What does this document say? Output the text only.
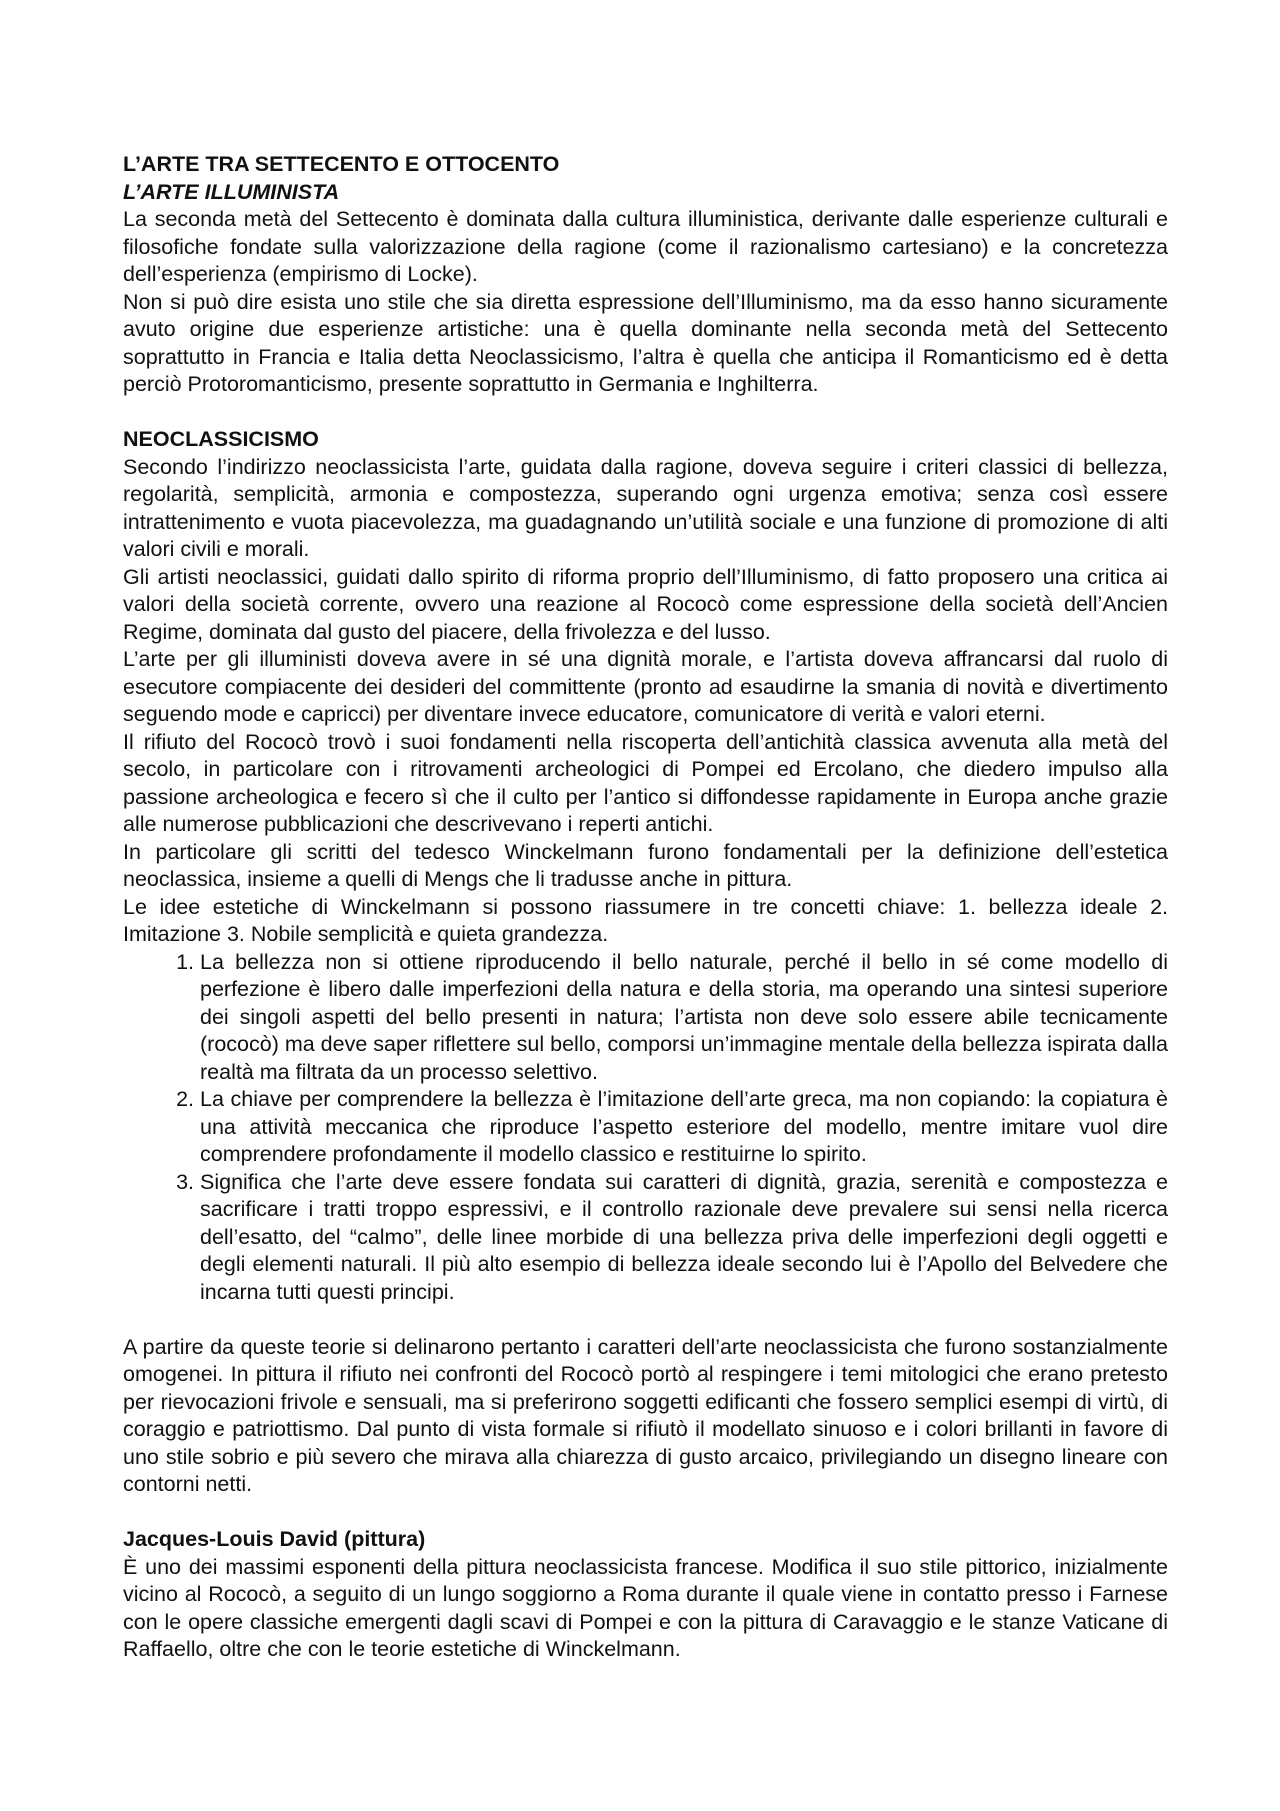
L’ARTE TRA SETTECENTO E OTTOCENTO

L’ARTE ILLUMINISTA

La seconda metà del Settecento è dominata dalla cultura illuministica, derivante dalle esperienze culturali e filosofiche fondate sulla valorizzazione della ragione (come il razionalismo cartesiano) e la concretezza dell’esperienza (empirismo di Locke).

Non si può dire esista uno stile che sia diretta espressione dell’Illuminismo, ma da esso hanno sicuramente avuto origine due esperienze artistiche: una è quella dominante nella seconda metà del Settecento soprattutto in Francia e Italia detta Neoclassicismo, l’altra è quella che anticipa il Romanticismo ed è detta perciò Protoromanticismo, presente soprattutto in Germania e Inghilterra.

NEOCLASSICISMO

Secondo l’indirizzo neoclassicista l’arte, guidata dalla ragione, doveva seguire i criteri classici di bellezza, regolarità, semplicità, armonia e compostezza, superando ogni urgenza emotiva; senza così essere intrattenimento e vuota piacevolezza, ma guadagnando un’utilità sociale e una funzione di promozione di alti valori civili e morali.

Gli artisti neoclassici, guidati dallo spirito di riforma proprio dell’Illuminismo, di fatto proposero una critica ai valori della società corrente, ovvero una reazione al Rococò come espressione della società dell’Ancien Regime, dominata dal gusto del piacere, della frivolezza e del lusso.

L’arte per gli illuministi doveva avere in sé una dignità morale, e l’artista doveva affrancarsi dal ruolo di esecutore compiacente dei desideri del committente (pronto ad esaudirne la smania di novità e divertimento seguendo mode e capricci) per diventare invece educatore, comunicatore di verità e valori eterni.

Il rifiuto del Rococò trovò i suoi fondamenti nella riscoperta dell’antichità classica avvenuta alla metà del secolo, in particolare con i ritrovamenti archeologici di Pompei ed Ercolano, che diedero impulso alla passione archeologica e fecero sì che il culto per l’antico si diffondesse rapidamente in Europa anche grazie alle numerose pubblicazioni che descrivevano i reperti antichi.

In particolare gli scritti del tedesco Winckelmann furono fondamentali per la definizione dell’estetica neoclassica, insieme a quelli di Mengs che li tradusse anche in pittura.

Le idee estetiche di Winckelmann si possono riassumere in tre concetti chiave: 1. bellezza ideale 2. Imitazione 3. Nobile semplicità e quieta grandezza.

1. La bellezza non si ottiene riproducendo il bello naturale, perché il bello in sé come modello di perfezione è libero dalle imperfezioni della natura e della storia, ma operando una sintesi superiore dei singoli aspetti del bello presenti in natura; l’artista non deve solo essere abile tecnicamente (rococò) ma deve saper riflettere sul bello, comporsi un’immagine mentale della bellezza ispirata dalla realtà ma filtrata da un processo selettivo.
2. La chiave per comprendere la bellezza è l’imitazione dell’arte greca, ma non copiando: la copiatura è una attività meccanica che riproduce l’aspetto esteriore del modello, mentre imitare vuol dire comprendere profondamente il modello classico e restituirne lo spirito.
3. Significa che l’arte deve essere fondata sui caratteri di dignità, grazia, serenità e compostezza e sacrificare i tratti troppo espressivi, e il controllo razionale deve prevalere sui sensi nella ricerca dell’esatto, del “calmo”, delle linee morbide di una bellezza priva delle imperfezioni degli oggetti e degli elementi naturali. Il più alto esempio di bellezza ideale secondo lui è l’Apollo del Belvedere che incarna tutti questi principi.

A partire da queste teorie si delinarono pertanto i caratteri dell’arte neoclassicista che furono sostanzialmente omogenei. In pittura il rifiuto nei confronti del Rococò portò al respingere i temi mitologici che erano pretesto per rievocazioni frivole e sensuali, ma si preferirono soggetti edificanti che fossero semplici esempi di virtù, di coraggio e patriottismo. Dal punto di vista formale si rifiutò il modellato sinuoso e i colori brillanti in favore di uno stile sobrio e più severo che mirava alla chiarezza di gusto arcaico, privilegiando un disegno lineare con contorni netti.

Jacques-Louis David (pittura)

È uno dei massimi esponenti della pittura neoclassicista francese. Modifica il suo stile pittorico, inizialmente vicino al Rococò, a seguito di un lungo soggiorno a Roma durante il quale viene in contatto presso i Farnese con le opere classiche emergenti dagli scavi di Pompei e con la pittura di Caravaggio e le stanze Vaticane di Raffaello, oltre che con le teorie estetiche di Winckelmann.
